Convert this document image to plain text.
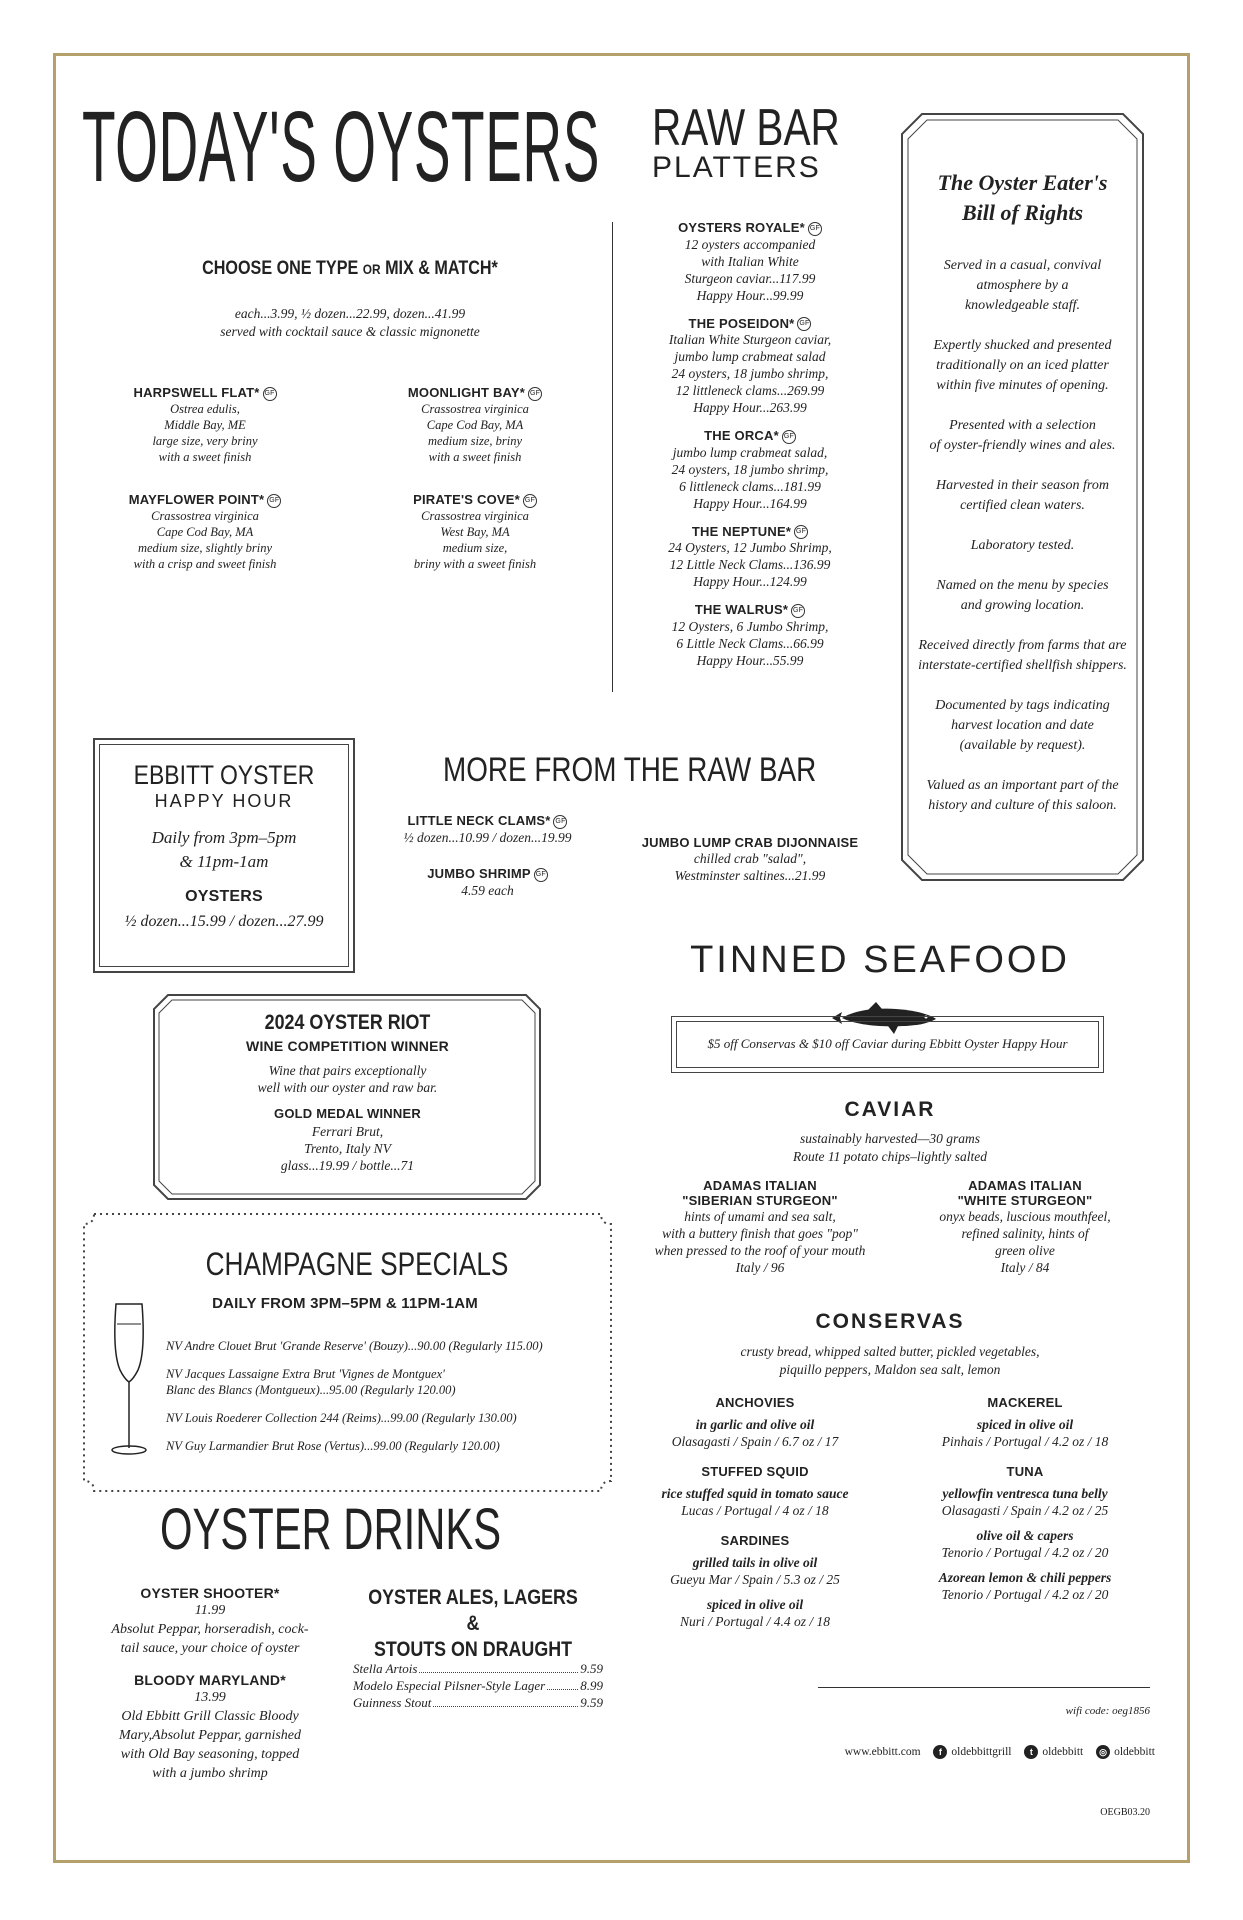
TODAY'S OYSTERS
CHOOSE ONE TYPE OR MIX & MATCH*
each...3.99, ½ dozen...22.99, dozen...41.99
served with cocktail sauce & classic mignonette
HARPSWELL FLAT* GF
Ostrea edulis,
Middle Bay, ME
large size, very briny
with a sweet finish
MOONLIGHT BAY* GF
Crassostrea virginica
Cape Cod Bay, MA
medium size, briny
with a sweet finish
MAYFLOWER POINT* GF
Crassostrea virginica
Cape Cod Bay, MA
medium size, slightly briny
with a crisp and sweet finish
PIRATE'S COVE* GF
Crassostrea virginica
West Bay, MA
medium size,
briny with a sweet finish
RAW BAR
PLATTERS
OYSTERS ROYALE* GF
12 oysters accompanied
with Italian White
Sturgeon caviar...117.99
Happy Hour...99.99
THE POSEIDON* GF
Italian White Sturgeon caviar,
jumbo lump crabmeat salad
24 oysters, 18 jumbo shrimp,
12 littleneck clams...269.99
Happy Hour...263.99
THE ORCA* GF
jumbo lump crabmeat salad,
24 oysters, 18 jumbo shrimp,
6 littleneck clams...181.99
Happy Hour...164.99
THE NEPTUNE* GF
24 Oysters, 12 Jumbo Shrimp,
12 Little Neck Clams...136.99
Happy Hour...124.99
THE WALRUS* GF
12 Oysters, 6 Jumbo Shrimp,
6 Little Neck Clams...66.99
Happy Hour...55.99
The Oyster Eater's
Bill of Rights
Served in a casual, convival
atmosphere by a
knowledgeable staff.
Expertly shucked and presented
traditionally on an iced platter
within five minutes of opening.
Presented with a selection
of oyster-friendly wines and ales.
Harvested in their season from
certified clean waters.
Laboratory tested.
Named on the menu by species
and growing location.
Received directly from farms that are
interstate-certified shellfish shippers.
Documented by tags indicating
harvest location and date
(available by request).
Valued as an important part of the
history and culture of this saloon.
EBBITT OYSTER
HAPPY HOUR
Daily from 3pm–5pm
& 11pm-1am
OYSTERS
½ dozen...15.99 / dozen...27.99
MORE FROM THE RAW BAR
LITTLE NECK CLAMS* GF
½ dozen...10.99 / dozen...19.99
JUMBO SHRIMP GF
4.59 each
JUMBO LUMP CRAB DIJONNAISE
chilled crab "salad",
Westminster saltines...21.99
2024 OYSTER RIOT
WINE COMPETITION WINNER
Wine that pairs exceptionally
well with our oyster and raw bar.
GOLD MEDAL WINNER
Ferrari Brut,
Trento, Italy NV
glass...19.99 / bottle...71
TINNED SEAFOOD
$5 off Conservas & $10 off Caviar during Ebbitt Oyster Happy Hour
CAVIAR
sustainably harvested—30 grams
Route 11 potato chips–lightly salted
ADAMAS ITALIAN
"SIBERIAN STURGEON"
hints of umami and sea salt,
with a buttery finish that goes "pop"
when pressed to the roof of your mouth
Italy / 96
ADAMAS ITALIAN
"WHITE STURGEON"
onyx beads, luscious mouthfeel,
refined salinity, hints of
green olive
Italy / 84
CHAMPAGNE SPECIALS
DAILY FROM 3PM–5PM & 11PM-1AM
NV Andre Clouet Brut 'Grande Reserve' (Bouzy)...90.00 (Regularly 115.00)
NV Jacques Lassaigne Extra Brut 'Vignes de Montguex'
Blanc des Blancs (Montgueux)...95.00 (Regularly 120.00)
NV Louis Roederer Collection 244 (Reims)...99.00 (Regularly 130.00)
NV Guy Larmandier Brut Rose (Vertus)...99.00 (Regularly 120.00)
CONSERVAS
crusty bread, whipped salted butter, pickled vegetables,
piquillo peppers, Maldon sea salt, lemon
ANCHOVIES
in garlic and olive oil
Olasagasti / Spain / 6.7 oz / 17
STUFFED SQUID
rice stuffed squid in tomato sauce
Lucas / Portugal / 4 oz / 18
SARDINES
grilled tails in olive oil
Gueyu Mar / Spain / 5.3 oz / 25
spiced in olive oil
Nuri / Portugal / 4.4 oz / 18
MACKEREL
spiced in olive oil
Pinhais / Portugal / 4.2 oz / 18
TUNA
yellowfin ventresca tuna belly
Olasagasti / Spain / 4.2 oz / 25
olive oil & capers
Tenorio / Portugal / 4.2 oz / 20
Azorean lemon & chili peppers
Tenorio / Portugal / 4.2 oz / 20
OYSTER DRINKS
OYSTER SHOOTER*
11.99
Absolut Peppar, horseradish, cock-
tail sauce, your choice of oyster
BLOODY MARYLAND*
13.99
Old Ebbitt Grill Classic Bloody
Mary,Absolut Peppar, garnished
with Old Bay seasoning, topped
with a jumbo shrimp
OYSTER ALES, LAGERS &
STOUTS ON DRAUGHT
Stella Artois	9.59
Modelo Especial Pilsner-Style Lager	8.99
Guinness Stout	9.59
wifi code: oeg1856
www.ebbitt.com	f oldebbittgrill
	t oldebbitt
	◎ oldebbitt
OEGB03.20
